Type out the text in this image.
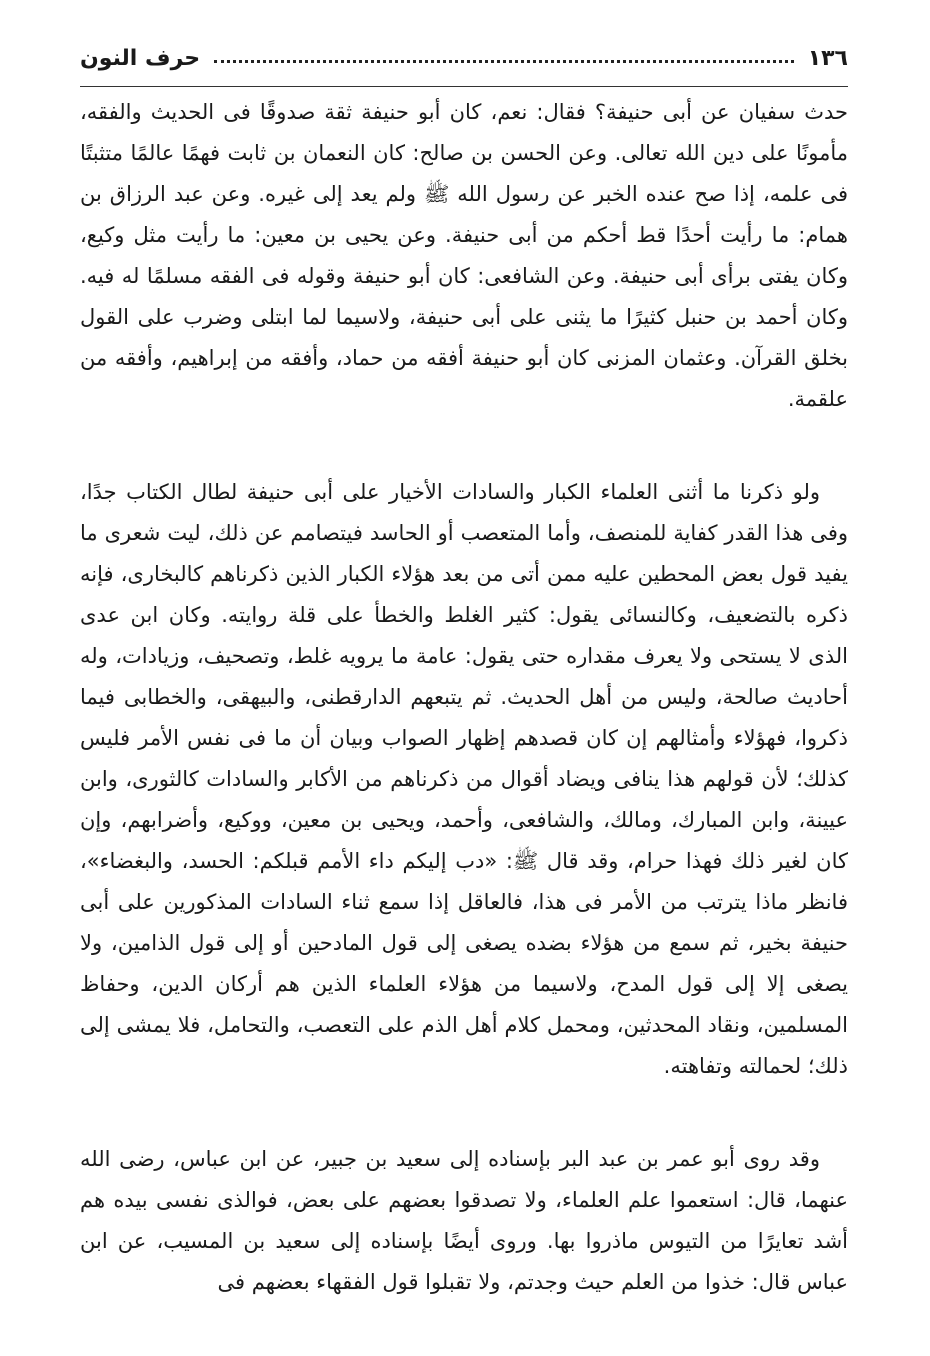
١٣٦
حرف النون

حدث سفيان عن أبى حنيفة؟ فقال: نعم، كان أبو حنيفة ثقة صدوقًا فى الحديث والفقه، مأمونًا على دين الله تعالى. وعن الحسن بن صالح: كان النعمان بن ثابت فهمًا عالمًا متثبتًا فى علمه، إذا صح عنده الخبر عن رسول الله ﷺ ولم يعد إلى غيره. وعن عبد الرزاق بن همام: ما رأيت أحدًا قط أحكم من أبى حنيفة. وعن يحيى بن معين: ما رأيت مثل وكيع، وكان يفتى برأى أبى حنيفة. وعن الشافعى: كان أبو حنيفة وقوله فى الفقه مسلمًا له فيه. وكان أحمد بن حنبل كثيرًا ما يثنى على أبى حنيفة، ولاسيما لما ابتلى وضرب على القول بخلق القرآن. وعثمان المزنى كان أبو حنيفة أفقه من حماد، وأفقه من إبراهيم، وأفقه من علقمة.

ولو ذكرنا ما أثنى العلماء الكبار والسادات الأخيار على أبى حنيفة لطال الكتاب جدًا، وفى هذا القدر كفاية للمنصف، وأما المتعصب أو الحاسد فيتصامم عن ذلك، ليت شعرى ما يفيد قول بعض المحطين عليه ممن أتى من بعد هؤلاء الكبار الذين ذكرناهم كالبخارى، فإنه ذكره بالتضعيف، وكالنسائى يقول: كثير الغلط والخطأ على قلة روايته. وكان ابن عدى الذى لا يستحى ولا يعرف مقداره حتى يقول: عامة ما يرويه غلط، وتصحيف، وزيادات، وله أحاديث صالحة، وليس من أهل الحديث. ثم يتبعهم الدارقطنى، والبيهقى، والخطابى فيما ذكروا، فهؤلاء وأمثالهم إن كان قصدهم إظهار الصواب وبيان أن ما فى نفس الأمر فليس كذلك؛ لأن قولهم هذا ينافى ويضاد أقوال من ذكرناهم من الأكابر والسادات كالثورى، وابن عيينة، وابن المبارك، ومالك، والشافعى، وأحمد، ويحيى بن معين، ووكيع، وأضرابهم، وإن كان لغير ذلك فهذا حرام، وقد قال ﷺ: «دب إليكم داء الأمم قبلكم: الحسد، والبغضاء»، فانظر ماذا يترتب من الأمر فى هذا، فالعاقل إذا سمع ثناء السادات المذكورين على أبى حنيفة بخير، ثم سمع من هؤلاء بضده يصغى إلى قول المادحين أو إلى قول الذامين، ولا يصغى إلا إلى قول المدح، ولاسيما من هؤلاء العلماء الذين هم أركان الدين، وحفاظ المسلمين، ونقاد المحدثين، ومحمل كلام أهل الذم على التعصب، والتحامل، فلا يمشى إلى ذلك؛ لحمالته وتفاهته.

وقد روى أبو عمر بن عبد البر بإسناده إلى سعيد بن جبير، عن ابن عباس، رضى الله عنهما، قال: استعموا علم العلماء، ولا تصدقوا بعضهم على بعض، فوالذى نفسى بيده هم أشد تعايرًا من التيوس ماذروا بها. وروى أيضًا بإسناده إلى سعيد بن المسيب، عن ابن عباس قال: خذوا من العلم حيث وجدتم، ولا تقبلوا قول الفقهاء بعضهم فى
